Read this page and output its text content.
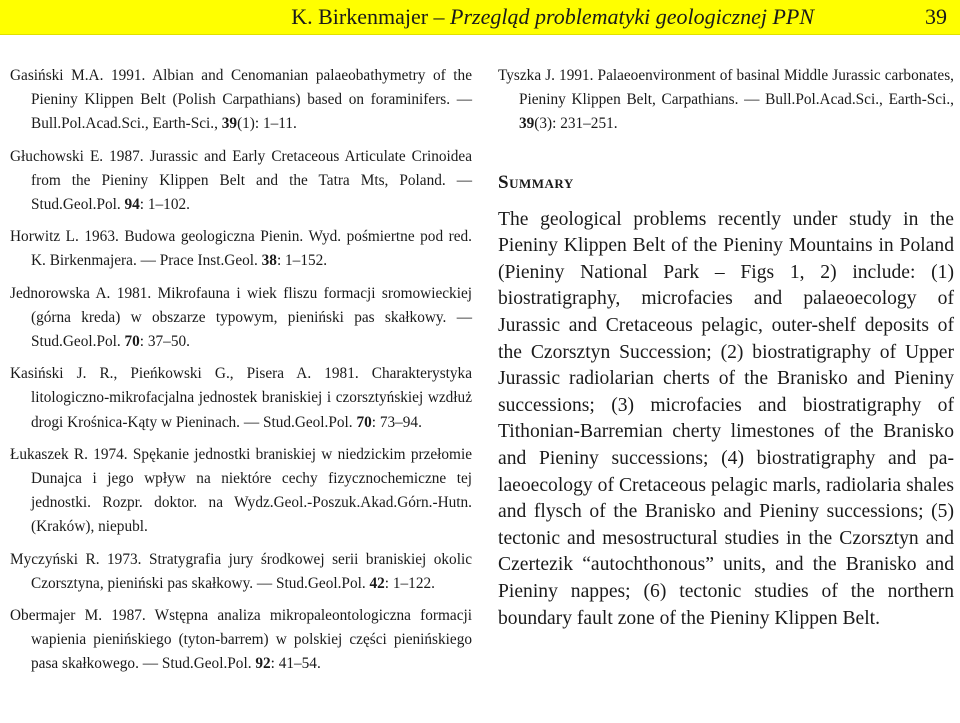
K. Birkenmajer – Przegląd problematyki geologicznej PPN	39

Gasiński M.A. 1991. Albian and Cenomanian palaeobathymetry of the Pieniny Klippen Belt (Polish Carpathians) based on foraminifers. — Bull.Pol.Acad.Sci., Earth-Sci., 39(1): 1–11.

Głuchowski E. 1987. Jurassic and Early Cretaceous Articulate Crinoidea from the Pieniny Klippen Belt and the Tatra Mts, Poland. — Stud.Geol.Pol. 94: 1–102.

Horwitz L. 1963. Budowa geologiczna Pienin. Wyd. pośmiertne pod red. K. Birkenmajera. — Prace Inst.Geol. 38: 1–152.

Jednorowska A. 1981. Mikrofauna i wiek fliszu formacji sromowieckiej (górna kreda) w obszarze typowym, pieniński pas skałkowy. — Stud.Geol.Pol. 70: 37–50.

Kasiński J. R., Pieńkowski G., Pisera A. 1981. Charakterystyka litologiczno-mikrofacjalna jednostek braniskiej i czorsztyńskiej wzdłuż drogi Krośnica-Kąty w Pieninach. — Stud.Geol.Pol. 70: 73–94.

Łukaszek R. 1974. Spękanie jednostki braniskiej w niedzickim przełomie Dunajca i jego wpływ na niektóre cechy fizycznochemiczne tej jednostki. Rozpr. doktor. na Wydz.Geol.-Poszuk.Akad.Górn.-Hutn. (Kraków), niepubl.

Myczyński R. 1973. Stratygrafia jury środkowej serii braniskiej okolic Czorsztyna, pieniński pas skałkowy. — Stud.Geol.Pol. 42: 1–122.

Obermajer M. 1987. Wstępna analiza mikropaleontologiczna formacji wapienia pienińskiego (tyton-barrem) w polskiej części pienińskiego pasa skałkowego. — Stud.Geol.Pol. 92: 41–54.

Tyszka J. 1991. Palaeoenvironment of basinal Middle Jurassic carbonates, Pieniny Klippen Belt, Carpathians. — Bull.Pol.Acad.Sci., Earth-Sci., 39(3): 231–251.

Summary

The geological problems recently under study in the Pieniny Klippen Belt of the Pieniny Mountains in Poland (Pieniny National Park – Figs 1, 2) include: (1) biostratigraphy, microfacies and palaeoecology of Jurassic and Cretaceous pelagic, outer-shelf deposits of the Czorsztyn Succession; (2) biostratigraphy of Upper Jurassic radiolarian cherts of the Branisko and Pieniny successions; (3) microfacies and biostratigraphy of Tithonian-Barremian cherty limestones of the Branisko and Pieniny successions; (4) biostratigraphy and palaeoecology of Cretaceous pelagic marls, radiolaria shales and flysch of the Branisko and Pieniny successions; (5) tectonic and mesostructural studies in the Czorsztyn and Czertezik “autochthonous” units, and the Branisko and Pieniny nappes; (6) tectonic studies of the northern boundary fault zone of the Pieniny Klippen Belt.
